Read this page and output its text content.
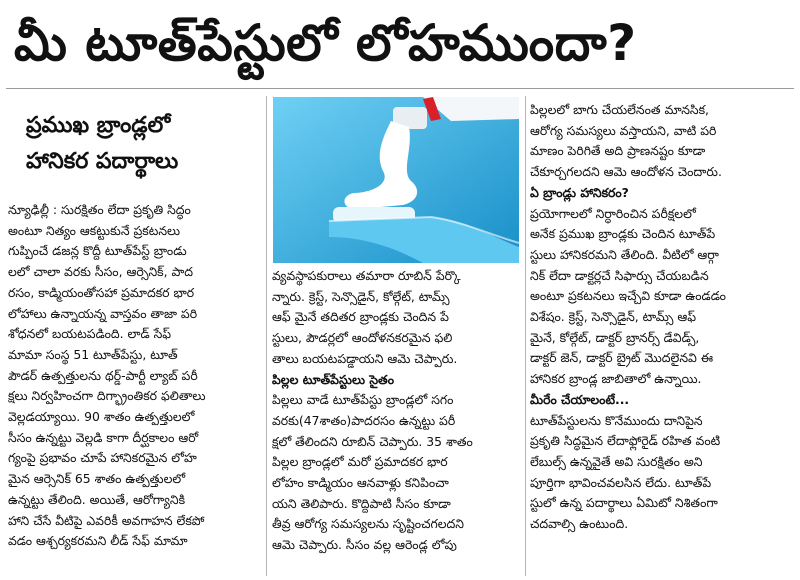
మీ టూత్‌పేస్టులో లోహముందా?
ప్రముఖ బ్రాండ్లలో
హానికర పదార్థాలు

న్యూఢిల్లీ : సురక్షితం లేదా ప్రకృతి సిద్ధం

అంటూ నిత్యం ఆకట్టుకునే ప్రకటనలు

గుప్పించే డజన్ల కొద్దీ టూత్‌పేస్ట్ బ్రాండు

లలో చాలా వరకు సీసం, ఆర్సెనిక్, పాద

రసం, కాడ్మియంతోసహా ప్రమాదకర భార

లోహాలు ఉన్నాయన్న వాస్తవం తాజా పరి

శోధనలో బయటపడింది. లాడ్ సేఫ్

మామా సంస్థ 51 టూత్‌పేస్టు, టూత్

పౌడర్ ఉత్పత్తులను థర్డ్-పార్టీ ల్యాబ్ పరీ

క్షలు నిర్వహించగా దిగ్భ్రాంతికర ఫలితాలు

వెల్లడయ్యాయి. 90 శాతం ఉత్పత్తులలో

సీసం ఉన్నట్టు వెల్లడి కాగా దీర్ఘకాలం ఆరో

గ్యంపై ప్రభావం చూపే హానికరమైన లోహ

మైన ఆర్సెనిక్ 65 శాతం ఉత్పత్తులలో

ఉన్నట్టు తేలింది. అయితే, ఆరోగ్యానికి

హాని చేసే వీటిపై ఎవరికీ అవగాహన లేకపో

వడం ఆశ్చర్యకరమని లీడ్ సేఫ్ మామా

వ్యవస్థాపకురాలు తమారా రూబిన్ పేర్కొ

న్నారు. క్రెస్ట్, సెన్సొడైన్, కోల్గేట్, టామ్స్

ఆఫ్ మైనే తదితర బ్రాండ్లకు చెందిన పే

స్టులు, పౌడర్లలో ఆందోళనకరమైన ఫలి

తాలు బయటపడ్డాయని ఆమె చెప్పారు.

పిల్లల టూత్‌పేస్టులు సైతం

పిల్లలు వాడే టూత్‌పేస్టు బ్రాండ్లలో సగం

వరకు(47శాతం)పాదరసం ఉన్నట్టు పరీ

క్షలో తేలిందని రూబిన్ చెప్పారు. 35 శాతం

పిల్లల బ్రాండ్లలో మరో ప్రమాదకర భార

లోహం కాడ్మియం ఆనవాళ్లు కనిపించా

యని తెలిపారు. కొద్దిపాటి సీసం కూడా

తీవ్ర ఆరోగ్య సమస్యలను సృష్టించగలదని

ఆమె చెప్పారు. సీసం వల్ల ఆరెండ్ల లోపు

పిల్లలలో బాగు చేయలేనంత మానసిక,

ఆరోగ్య సమస్యలు వస్తాయని, వాటి పరి

మాణం పెరిగితే అది ప్రాణనష్టం కూడా

చేకూర్చగలదని ఆమె ఆందోళన చెందారు.

ఏ బ్రాండ్లు హానికరం?

ప్రయోగాలలో నిర్ధారించిన పరీక్షలలో

అనేక ప్రముఖ బ్రాండ్లకు చెందిన టూత్‌పే

స్టులు హానికరమని తేలింది. వీటిలో ఆర్గా

నిక్ లేదా డాక్టర్లచే సిఫార్సు చేయబడిన

అంటూ ప్రకటనలు ఇచ్చేవి కూడా ఉండడం

విశేషం. క్రెస్ట్, సెన్సొడైన్, టామ్స్ ఆఫ్

మైనే, కోల్గేట్, డాక్టర్ బ్రానర్స్ డేవిడ్స్,

డాక్టర్ జెన్, డాక్టర్ బ్రైట్ మొదలైనవి ఈ

హానికర బ్రాండ్ల జాబితాలో ఉన్నాయి.

మీరేం చేయాలంటే...

టూత్‌పేస్టులను కొనేముందు దానిపైన

ప్రకృతి సిద్ధమైన లేదాఫ్లోరైడ్ రహిత వంటి

లేబుల్స్ ఉన్నవైతే అవి సురక్షితం అని

పూర్తిగా భావించవలసిన లేదు. టూత్‌పే

స్టులో ఉన్న పదార్థాలు ఏమిటో నిశితంగా

చదవాల్సి ఉంటుంది.
